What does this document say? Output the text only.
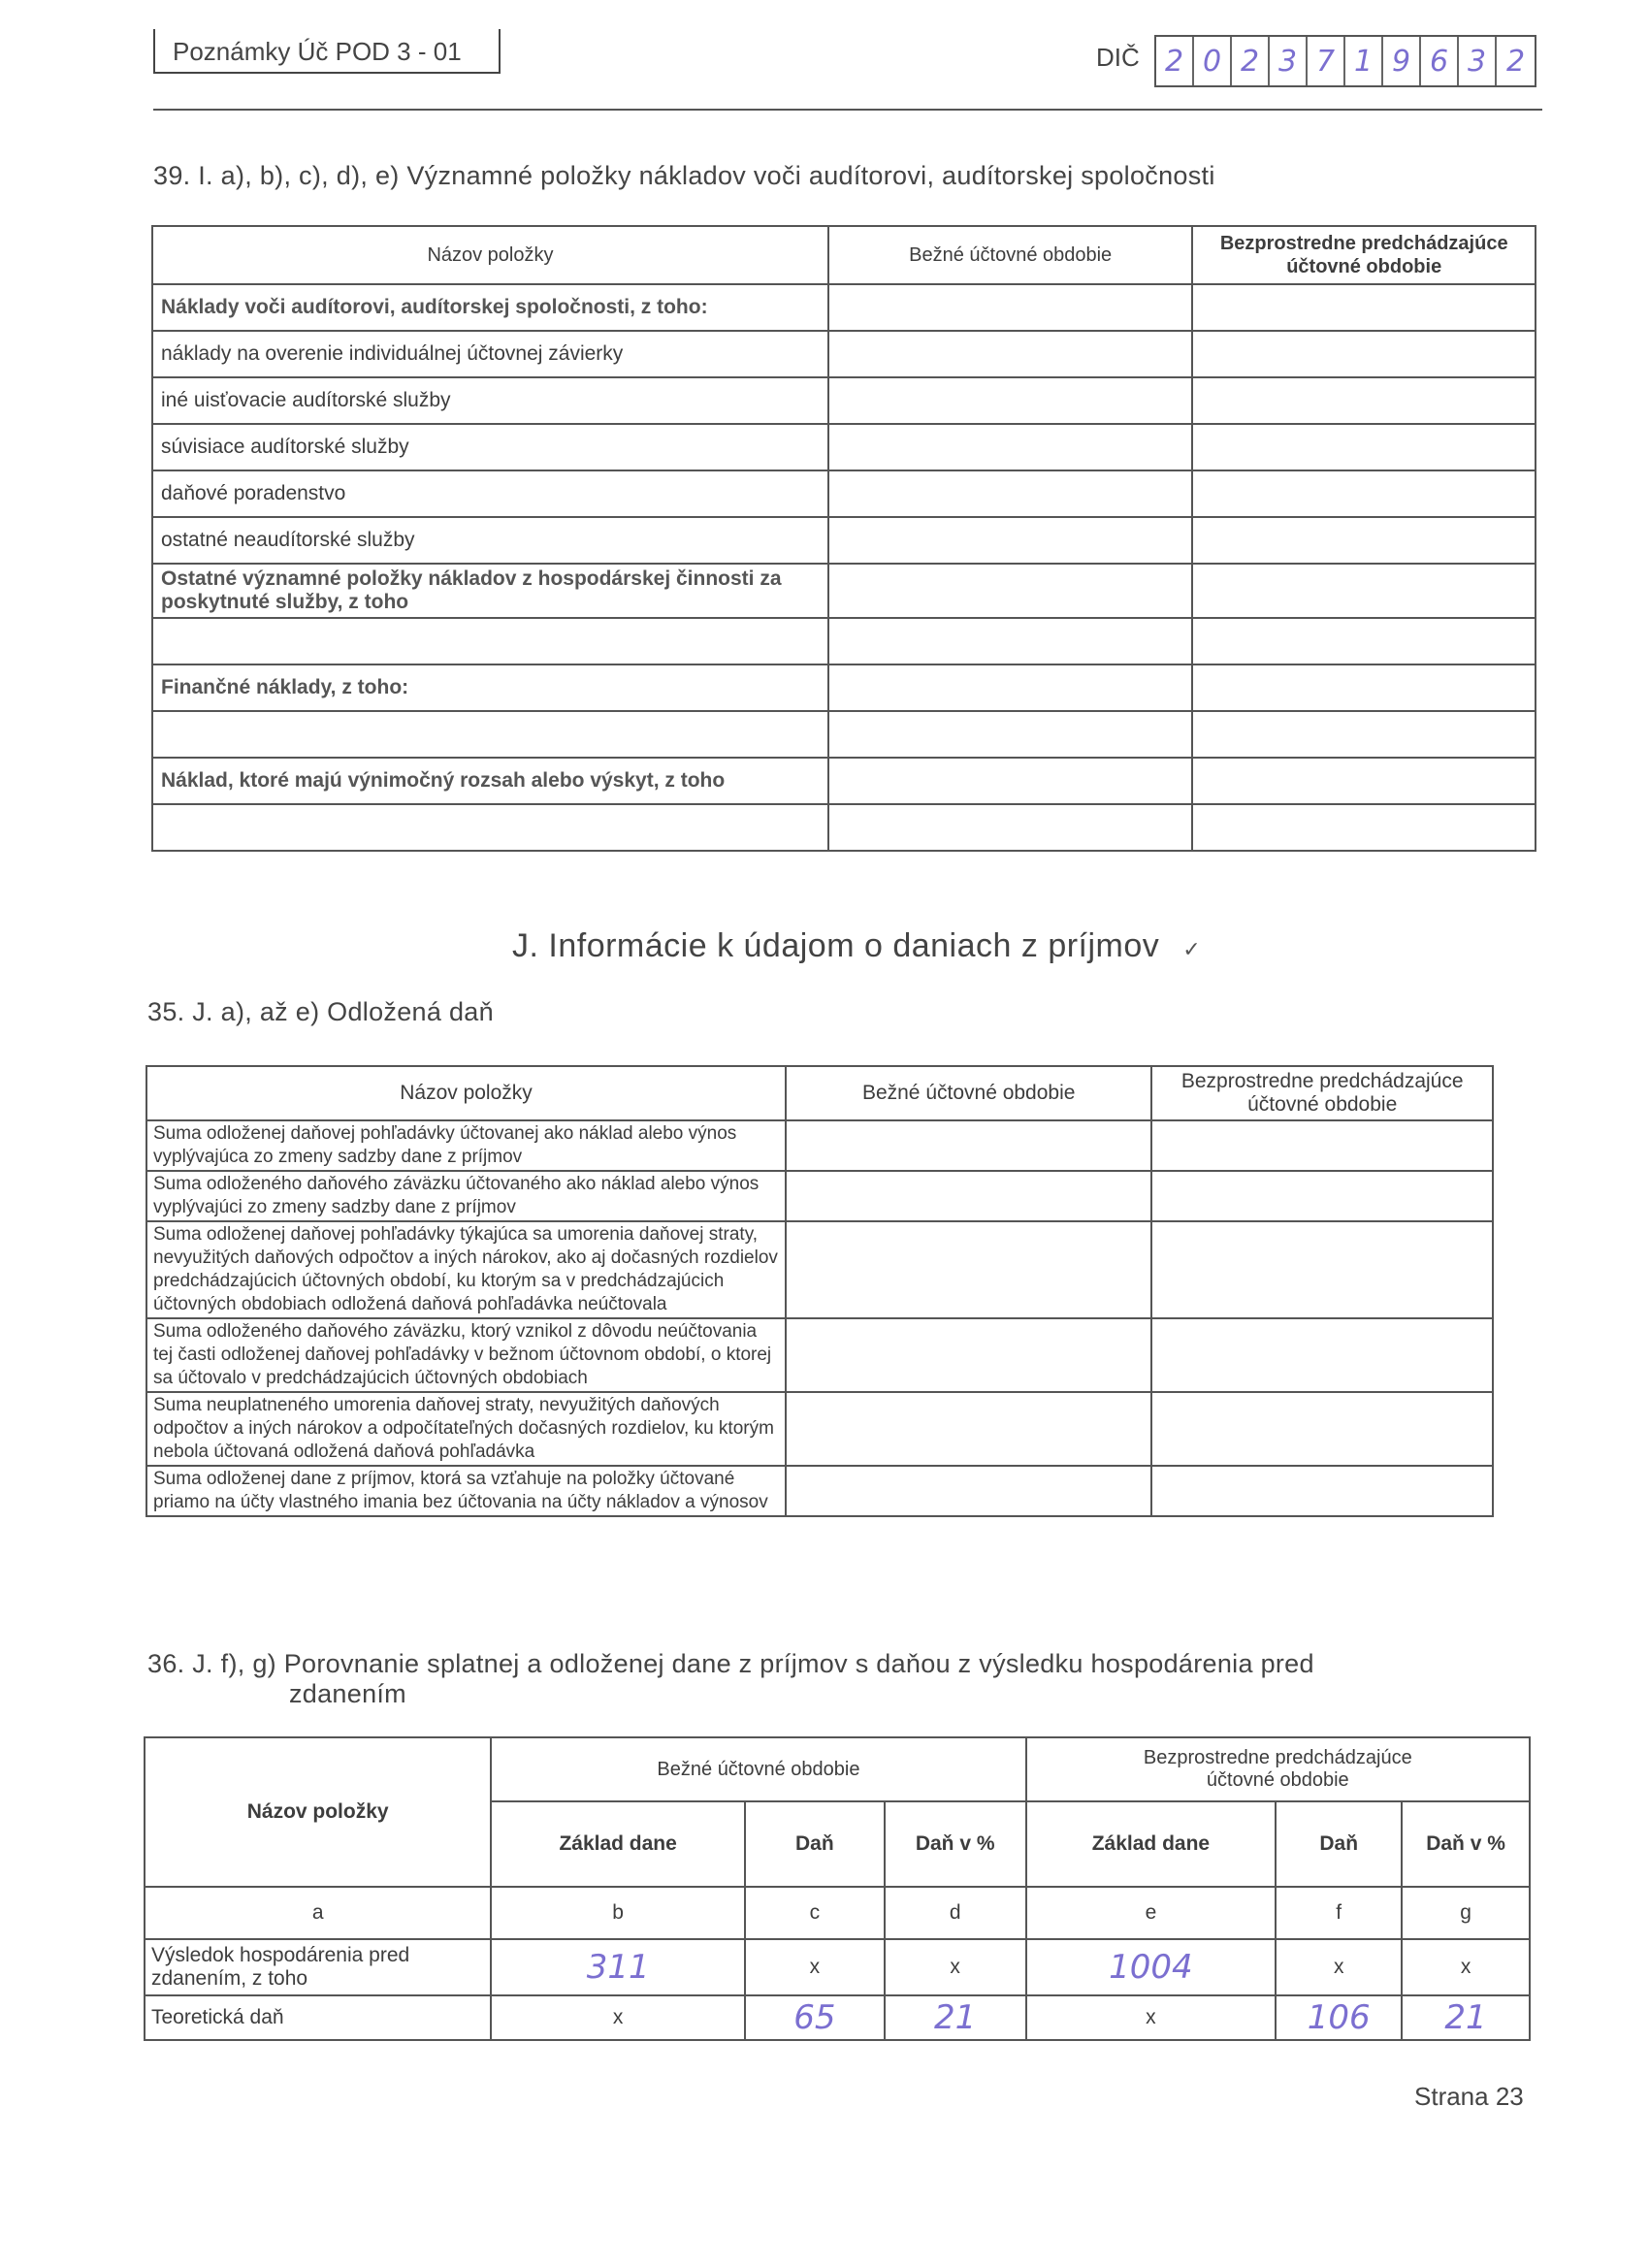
Poznámky Úč POD 3 - 01	DIČ 2 0 2 3 7 1 9 6 3 2
39. I. a), b), c), d), e) Významné položky nákladov voči audítorovi, audítorskej spoločnosti
Názov položky	Bežné účtovné obdobie	Bezprostredne predchádzajúce účtovné obdobie
Náklady voči audítorovi, audítorskej spoločnosti, z toho:		
náklady na overenie individuálnej účtovnej závierky		
iné uisťovacie audítorské služby		
súvisiace audítorské služby		
daňové poradenstvo		
ostatné neaudítorské služby		
Ostatné významné položky nákladov z hospodárskej činnosti za poskytnuté služby, z toho		

Finančné náklady, z toho:		

Náklad, ktoré majú výnimočný rozsah alebo výskyt, z toho		

J. Informácie k údajom o daniach z príjmov ✓
35. J. a), až e) Odložená daň
Názov položky	Bežné účtovné obdobie	Bezprostredne predchádzajúce účtovné obdobie
Suma odloženej daňovej pohľadávky účtovanej ako náklad alebo výnos vyplývajúca zo zmeny sadzby dane z príjmov		
Suma odloženého daňového záväzku účtovaného ako náklad alebo výnos vyplývajúci zo zmeny sadzby dane z príjmov		
Suma odloženej daňovej pohľadávky týkajúca sa umorenia daňovej straty, nevyužitých daňových odpočtov a iných nárokov, ako aj dočasných rozdielov predchádzajúcich účtovných období, ku ktorým sa v predchádzajúcich účtovných obdobiach odložená daňová pohľadávka neúčtovala		
Suma odloženého daňového záväzku, ktorý vznikol z dôvodu neúčtovania tej časti odloženej daňovej pohľadávky v bežnom účtovnom období, o ktorej sa účtovalo v predchádzajúcich účtovných obdobiach		
Suma neuplatneného umorenia daňovej straty, nevyužitých daňových odpočtov a iných nárokov a odpočítateľných dočasných rozdielov, ku ktorým nebola účtovaná odložená daňová pohľadávka		
Suma odloženej dane z príjmov, ktorá sa vzťahuje na položky účtované priamo na účty vlastného imania bez účtovania na účty nákladov a výnosov		
36. J. f), g) Porovnanie splatnej a odloženej dane z príjmov s daňou z výsledku hospodárenia pred
zdanením
Názov položky	Bežné účtovné obdobie			Bezprostredne predchádzajúce účtovné obdobie		
	Základ dane	Daň	Daň v %	Základ dane	Daň	Daň v %
a	b	c	d	e	f	g
Výsledok hospodárenia pred zdanením, z toho	311	x	x	1004	x	x
Teoretická daň	x	65	21	x	106	21
Strana 23
